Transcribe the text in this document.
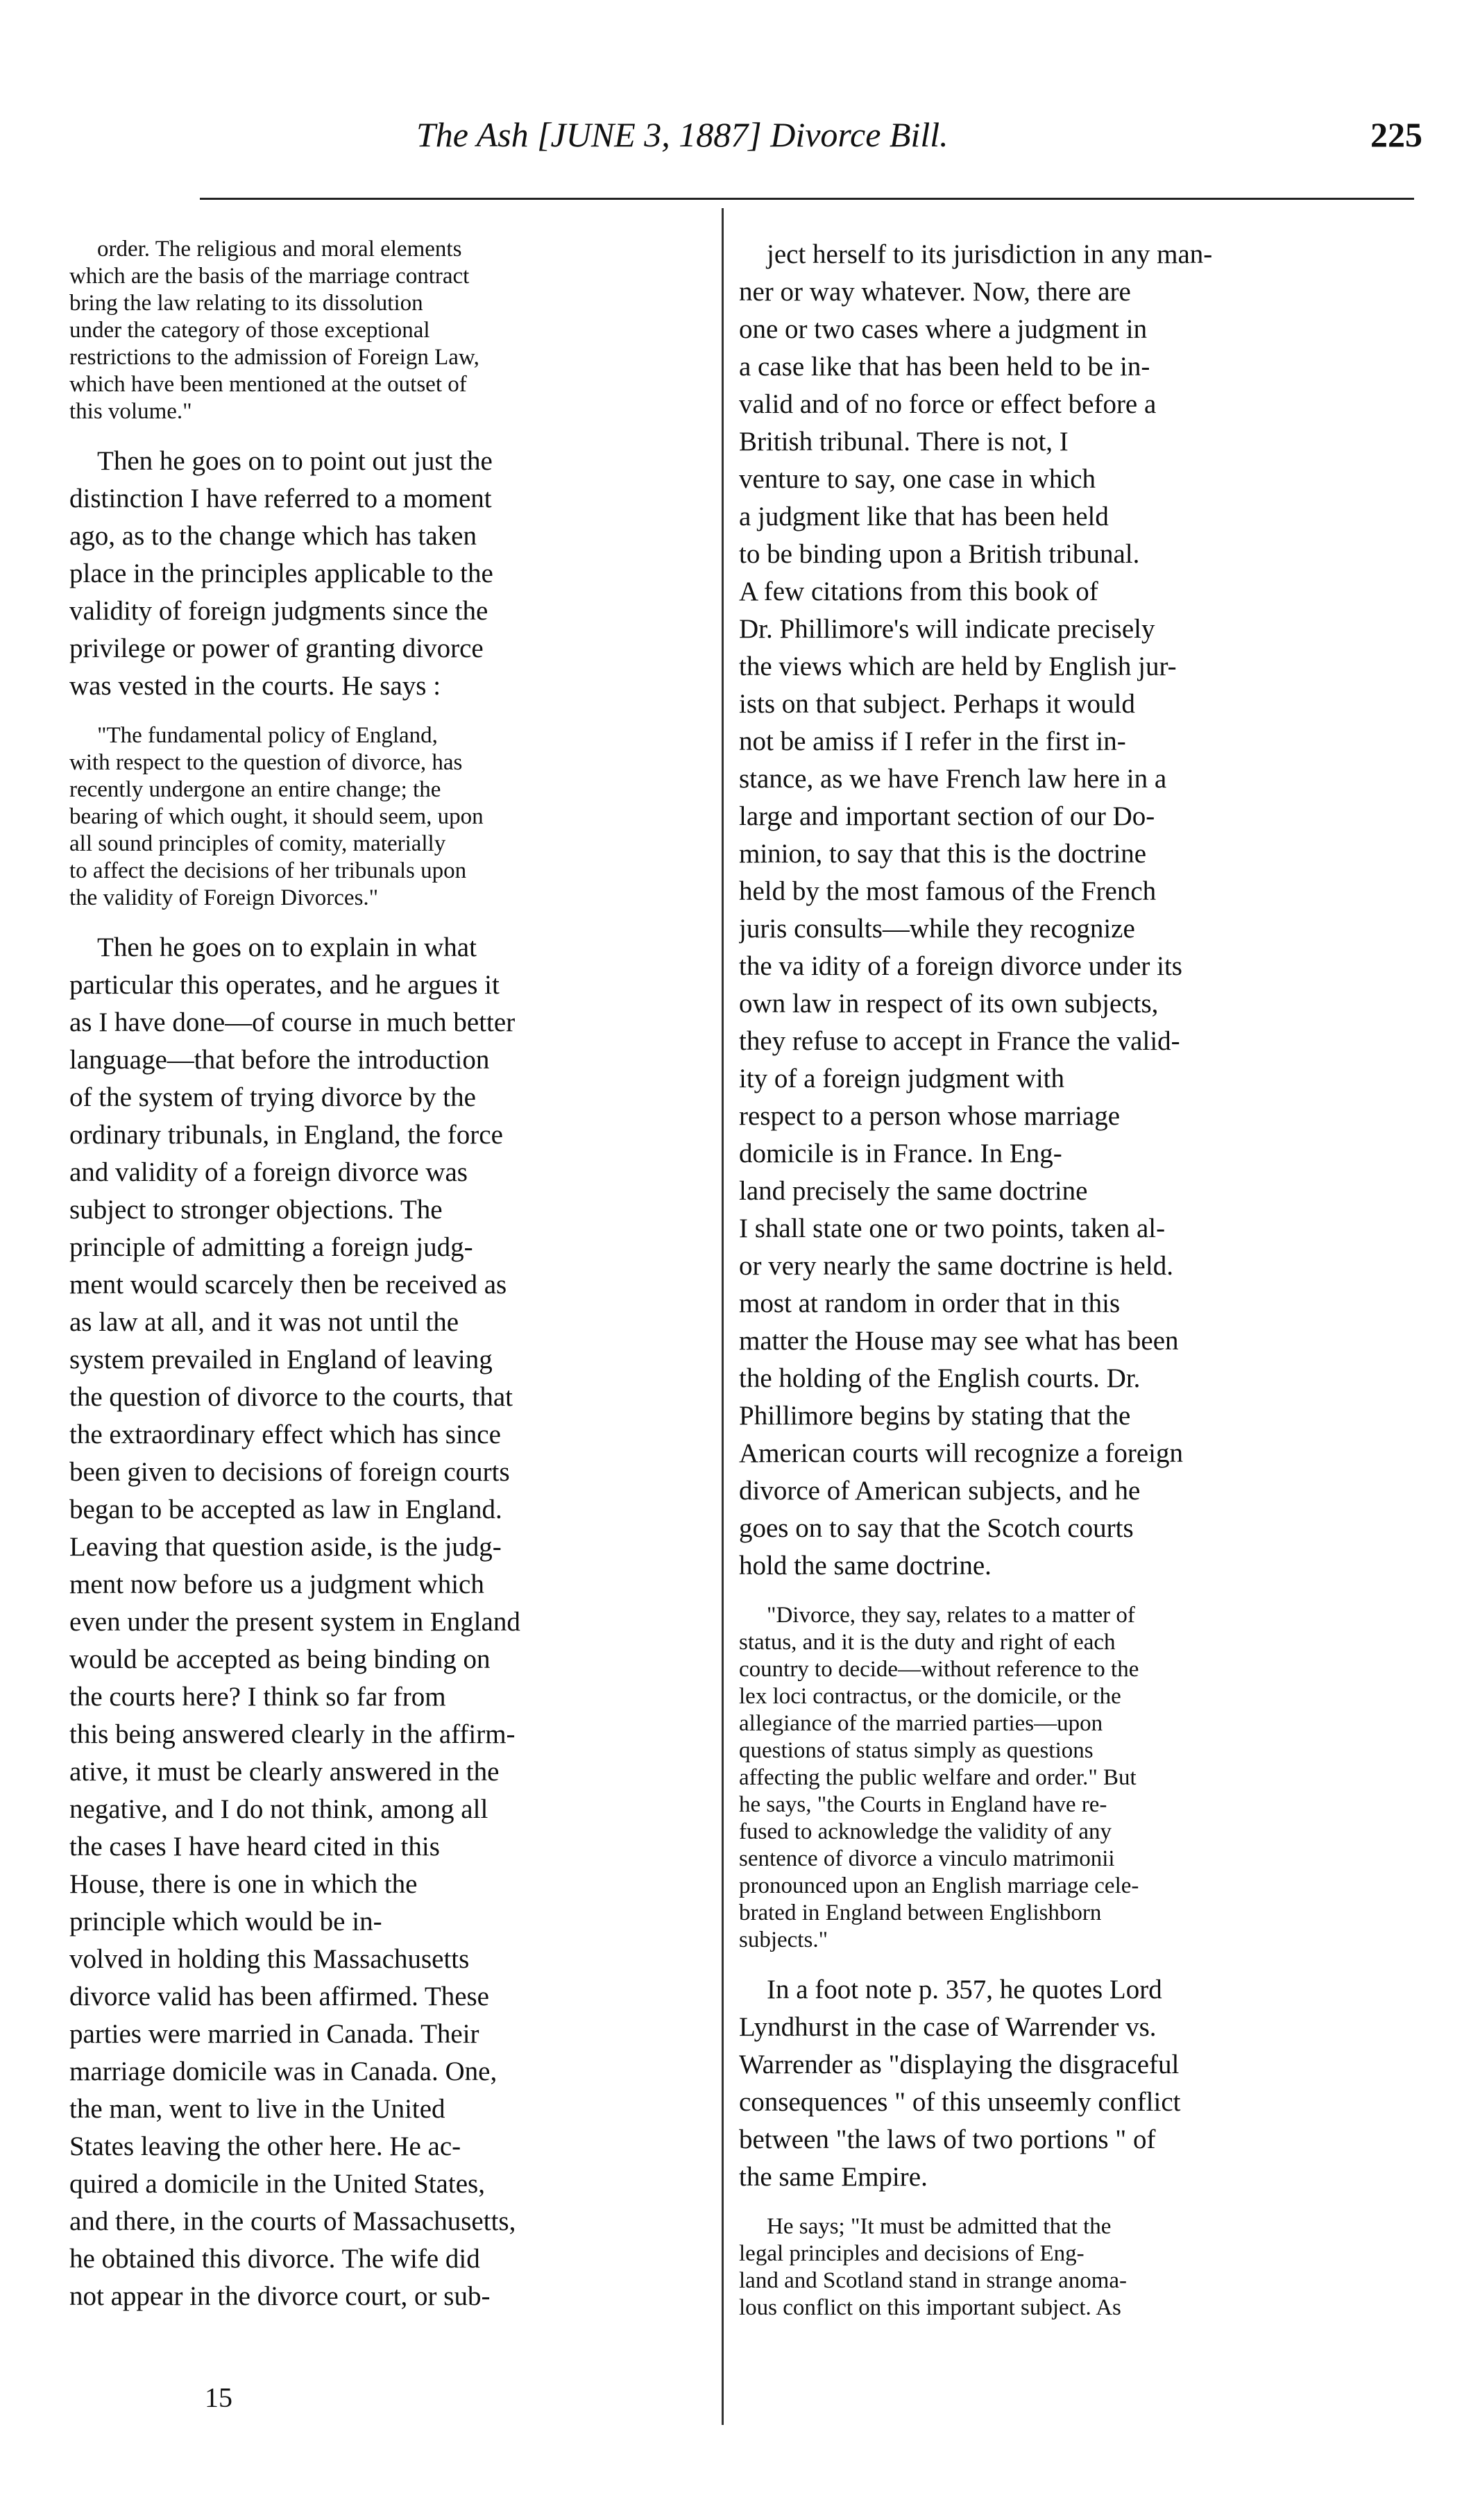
The Ash [JUNE 3, 1887] Divorce Bill.	225
order. The religious and moral elements
which are the basis of the marriage contract
bring the law relating to its dissolution
under the category of those exceptional
restrictions to the admission of Foreign Law,
which have been mentioned at the outset of
this volume."
Then he goes on to point out just the
distinction I have referred to a moment
ago, as to the change which has taken
place in the principles applicable to the
validity of foreign judgments since the
privilege or power of granting divorce
was vested in the courts. He says :
"The fundamental policy of England,
with respect to the question of divorce, has
recently undergone an entire change; the
bearing of which ought, it should seem, upon
all sound principles of comity, materially
to affect the decisions of her tribunals upon
the validity of Foreign Divorces."
Then he goes on to explain in what
particular this operates, and he argues it
as I have done—of course in much better
language—that before the introduction
of the system of trying divorce by the
ordinary tribunals, in England, the force
and validity of a foreign divorce was
subject to stronger objections. The
principle of admitting a foreign judg-
ment would scarcely then be received as
as law at all, and it was not until the
system prevailed in England of leaving
the question of divorce to the courts, that
the extraordinary effect which has since
been given to decisions of foreign courts
began to be accepted as law in England.
Leaving that question aside, is the judg-
ment now before us a judgment which
even under the present system in England
would be accepted as being binding on
the courts here? I think so far from
this being answered clearly in the affirm-
ative, it must be clearly answered in the
negative, and I do not think, among all
the cases I have heard cited in this
House, there is one in which the
principle which would be in-
volved in holding this Massachusetts
divorce valid has been affirmed. These
parties were married in Canada. Their
marriage domicile was in Canada. One,
the man, went to live in the United
States leaving the other here. He ac-
quired a domicile in the United States,
and there, in the courts of Massachusetts,
he obtained this divorce. The wife did
not appear in the divorce court, or sub-
ject herself to its jurisdiction in any man-
ner or way whatever. Now, there are
one or two cases where a judgment in
a case like that has been held to be in-
valid and of no force or effect before a
British tribunal. There is not, I
venture to say, one case in which
a judgment like that has been held
to be binding upon a British tribunal.
A few citations from this book of
Dr. Phillimore's will indicate precisely
the views which are held by English jur-
ists on that subject. Perhaps it would
not be amiss if I refer in the first in-
stance, as we have French law here in a
large and important section of our Do-
minion, to say that this is the doctrine
held by the most famous of the French
juris consults—while they recognize
the va idity of a foreign divorce under its
own law in respect of its own subjects,
they refuse to accept in France the valid-
ity of a foreign judgment with
respect to a person whose marriage
domicile is in France. In Eng-
land precisely the same doctrine
I shall state one or two points, taken al-
or very nearly the same doctrine is held.
most at random in order that in this
matter the House may see what has been
the holding of the English courts. Dr.
Phillimore begins by stating that the
American courts will recognize a foreign
divorce of American subjects, and he
goes on to say that the Scotch courts
hold the same doctrine.
"Divorce, they say, relates to a matter of
status, and it is the duty and right of each
country to decide—without reference to the
lex loci contractus, or the domicile, or the
allegiance of the married parties—upon
questions of status simply as questions
affecting the public welfare and order." But
he says, "the Courts in England have re-
fused to acknowledge the validity of any
sentence of divorce a vinculo matrimonii
pronounced upon an English marriage cele-
brated in England between Englishborn
subjects."
In a foot note p. 357, he quotes Lord
Lyndhurst in the case of Warrender vs.
Warrender as "displaying the disgraceful
consequences " of this unseemly conflict
between "the laws of two portions " of
the same Empire.
He says; "It must be admitted that the
legal principles and decisions of Eng-
land and Scotland stand in strange anoma-
lous conflict on this important subject. As
15
